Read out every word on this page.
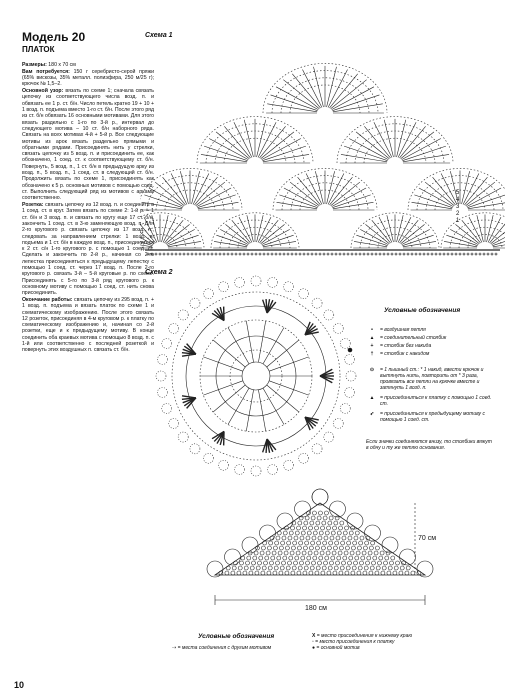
Модель 20
ПЛАТОК

Размеры: 180 х 70 см

Вам потребуется: 150 г серебристо-серой пряжи (65% вискозы, 35% металл. полиэфира, 250 м/25 г); крючок № 1,5–2.

Основной узор: вязать по схеме 1; сначала связать цепочку из соответствующего числа возд. п. и обвязать ее 1 р. ст. б/н. Число петель кратно 19 + 10 + 1 возд. п. подъема вместо 1-го ст. б/н. После этого ряд из ст. б/н обвязать 16 основными мотивами. Для этого вязать раздельно с 1-го по 3-й р., интервал до следующего мотива – 10 ст. б/н наборного ряда. Связать на всех мотивах 4-й + 5-й р. Все следующие мотивы из арок вязать раздельно прямыми и обратными рядами. Присоединять нить у стрелки, связать цепочку из 5 возд. п. и присоединить ее, как обозначено, 1 соед. ст. к соответствующему ст. б/н. Повернуть, 5 возд. п., 1 ст. б/н в предыдущую арку из возд. п., 5 возд. п., 1 соед. ст. в следующий ст. б/н. Продолжить вязать по схеме 1, присоединять как обозначено к 5 р. основных мотивов с помощью соед. ст. Выполнить следующий ряд из мотивов с арками соответственно.

Розетка: связать цепочку из 12 возд. п. и соединить в 1 соед. ст. в круг. Затем вязать по схеме 2: 1-й р. – 1 ст. б/н и 3 возд. п. и связать по кругу еще 17 ст. б/н, закончить 1 соед. ст. в 3-ю заменяющую возд. п. Для 2-го кругового р. связать цепочку из 17 возд. п., следовать за направлением стрелки: 1 возд. п. подъема и 1 ст. б/н в каждую возд. п., присоединиться к 2 ст. с/н 1-го кругового р. с помощью 1 соед. ст. Сделать и закончить по 2-й р., начиная со 2-го лепестка присоединяться к предыдущему лепестку с помощью 1 соед. ст. через 17 возд. п. После 2-го кругового р. связать 3-й – 5-й круговые р. по схеме. Присоединять с 5-го по 3-й ряд кругового р. к основному мотиву с помощью 1 соед. ст. нить снова присоединить.

Окончание работы: связать цепочку из 295 возд. п. + 1 возд. п. подъема и вязать платок по схеме 1 и схематическому изображению. После этого связать 12 розеток, присоединяя в 4-м круговом р. к платку по схематическому изображению и, начиная со 2-й розетки, еще и к предыдущему мотиву. В конце соединить оба краевых мотива с помощью 8 возд. п. с 1-й или соответственно с последней розеткой и повернуть этих воздушных п. связать ст. б/н.

Схема 1
Схема 2
5
4
3
2
1
Условные обозначения
•	= воздушная петля
▴	= соединительный столбик
+	= столбик без накида
†	= столбик с накидом
⊙	= 1 пышный ст.: * 1 накид, ввести крючок и вытянуть нить, повторить от * 3 раза, провязать все петли на крючке вместе и затянуть 1 возд. п.
▲	= присоединиться к платку с помощью 1 соед. ст.
➶	= присоединиться к предыдущему мотиву с помощью 1 соед. ст.
Если значки соединяются внизу, то столбики вяжут в одну и ту же петлю основания.
70 см
180 см
Условные обозначения
⇢ = места соединения с другим мотивом
X = место присоединения к нижнему краю
▫ = место присоединения к платку
● = основной мотив
10
